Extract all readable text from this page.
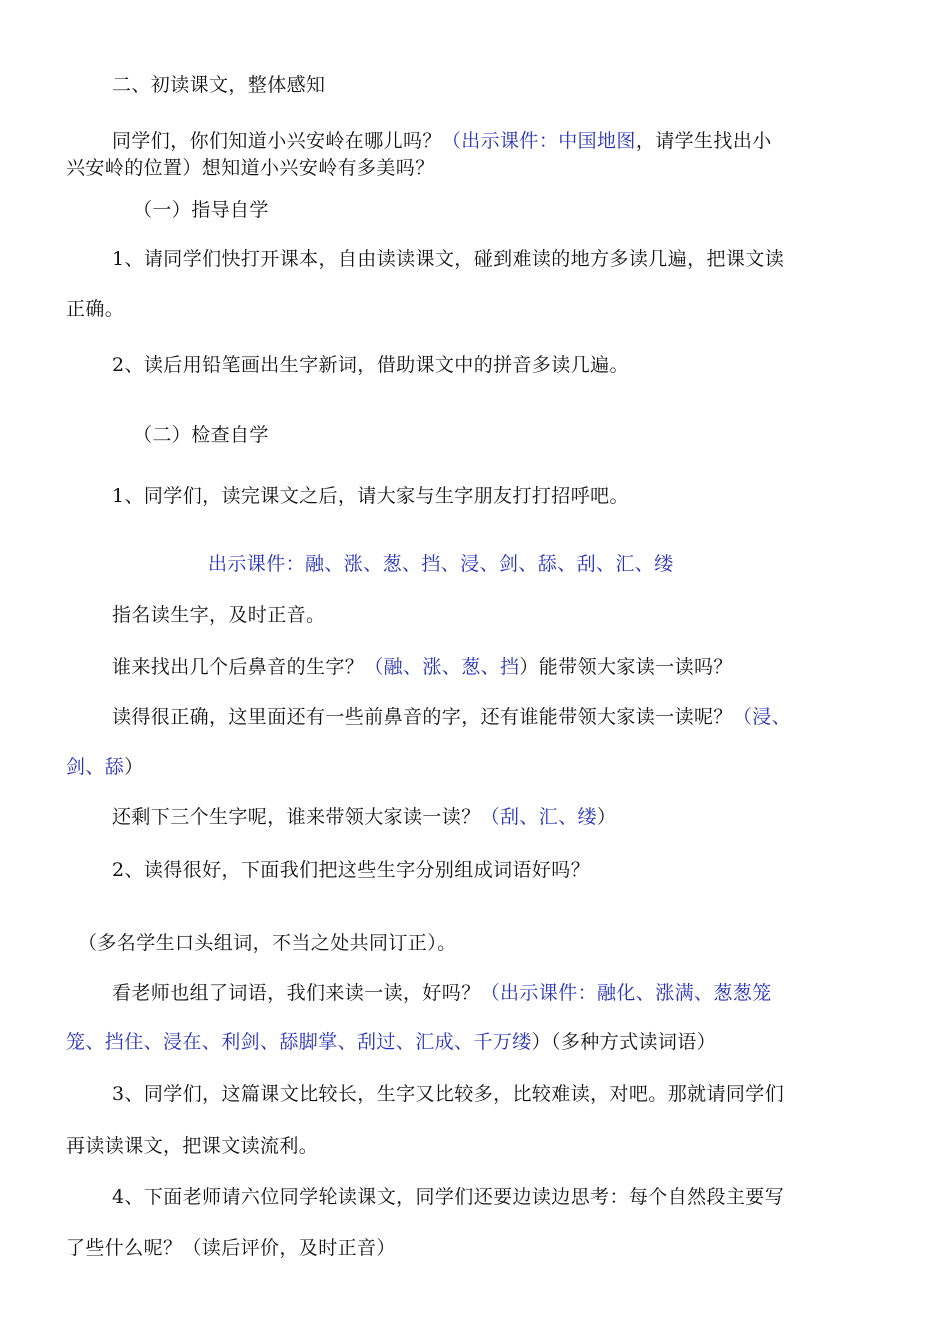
二、初读课文，整体感知
同学们，你们知道小兴安岭在哪儿吗？（出示课件：中国地图，请学生找出小
兴安岭的位置）想知道小兴安岭有多美吗？
（一）指导自学
1、请同学们快打开课本，自由读读课文，碰到难读的地方多读几遍，把课文读
正确。
2、读后用铅笔画出生字新词，借助课文中的拼音多读几遍。
（二）检查自学
1、同学们，读完课文之后，请大家与生字朋友打打招呼吧。
出示课件：融、涨、葱、挡、浸、剑、舔、刮、汇、缕
指名读生字，及时正音。
谁来找出几个后鼻音的生字？（融、涨、葱、挡）能带领大家读一读吗？
读得很正确，这里面还有一些前鼻音的字，还有谁能带领大家读一读呢？（浸、
剑、舔）
还剩下三个生字呢，谁来带领大家读一读？（刮、汇、缕）
2、读得很好，下面我们把这些生字分别组成词语好吗？
（多名学生口头组词，不当之处共同订正）。
看老师也组了词语，我们来读一读，好吗？（出示课件：融化、涨满、葱葱笼
笼、挡住、浸在、利剑、舔脚掌、刮过、汇成、千万缕）（多种方式读词语）
3、同学们，这篇课文比较长，生字又比较多，比较难读，对吧。那就请同学们
再读读课文，把课文读流利。
4、下面老师请六位同学轮读课文，同学们还要边读边思考：每个自然段主要写
了些什么呢？（读后评价，及时正音）
